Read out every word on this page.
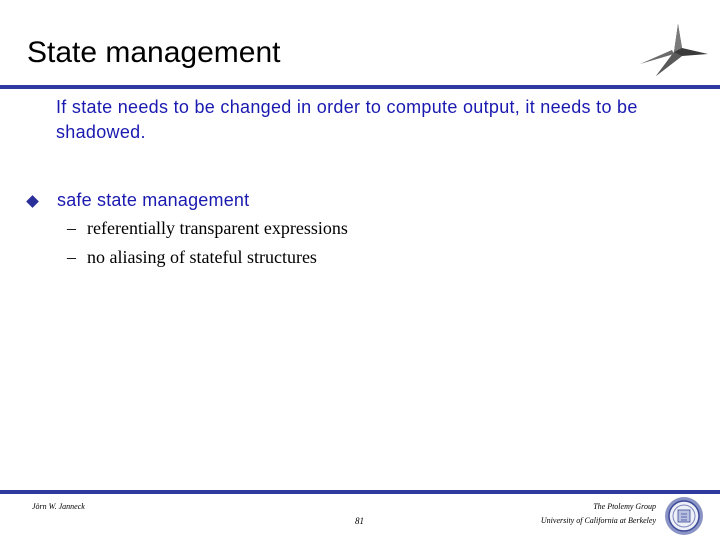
State management
If state needs to be changed in order to compute output, it needs to be shadowed.
safe state management
– referentially transparent expressions
– no aliasing of stateful structures
Jörn W. Janneck
81
The Ptolemy Group
University of California at Berkeley
